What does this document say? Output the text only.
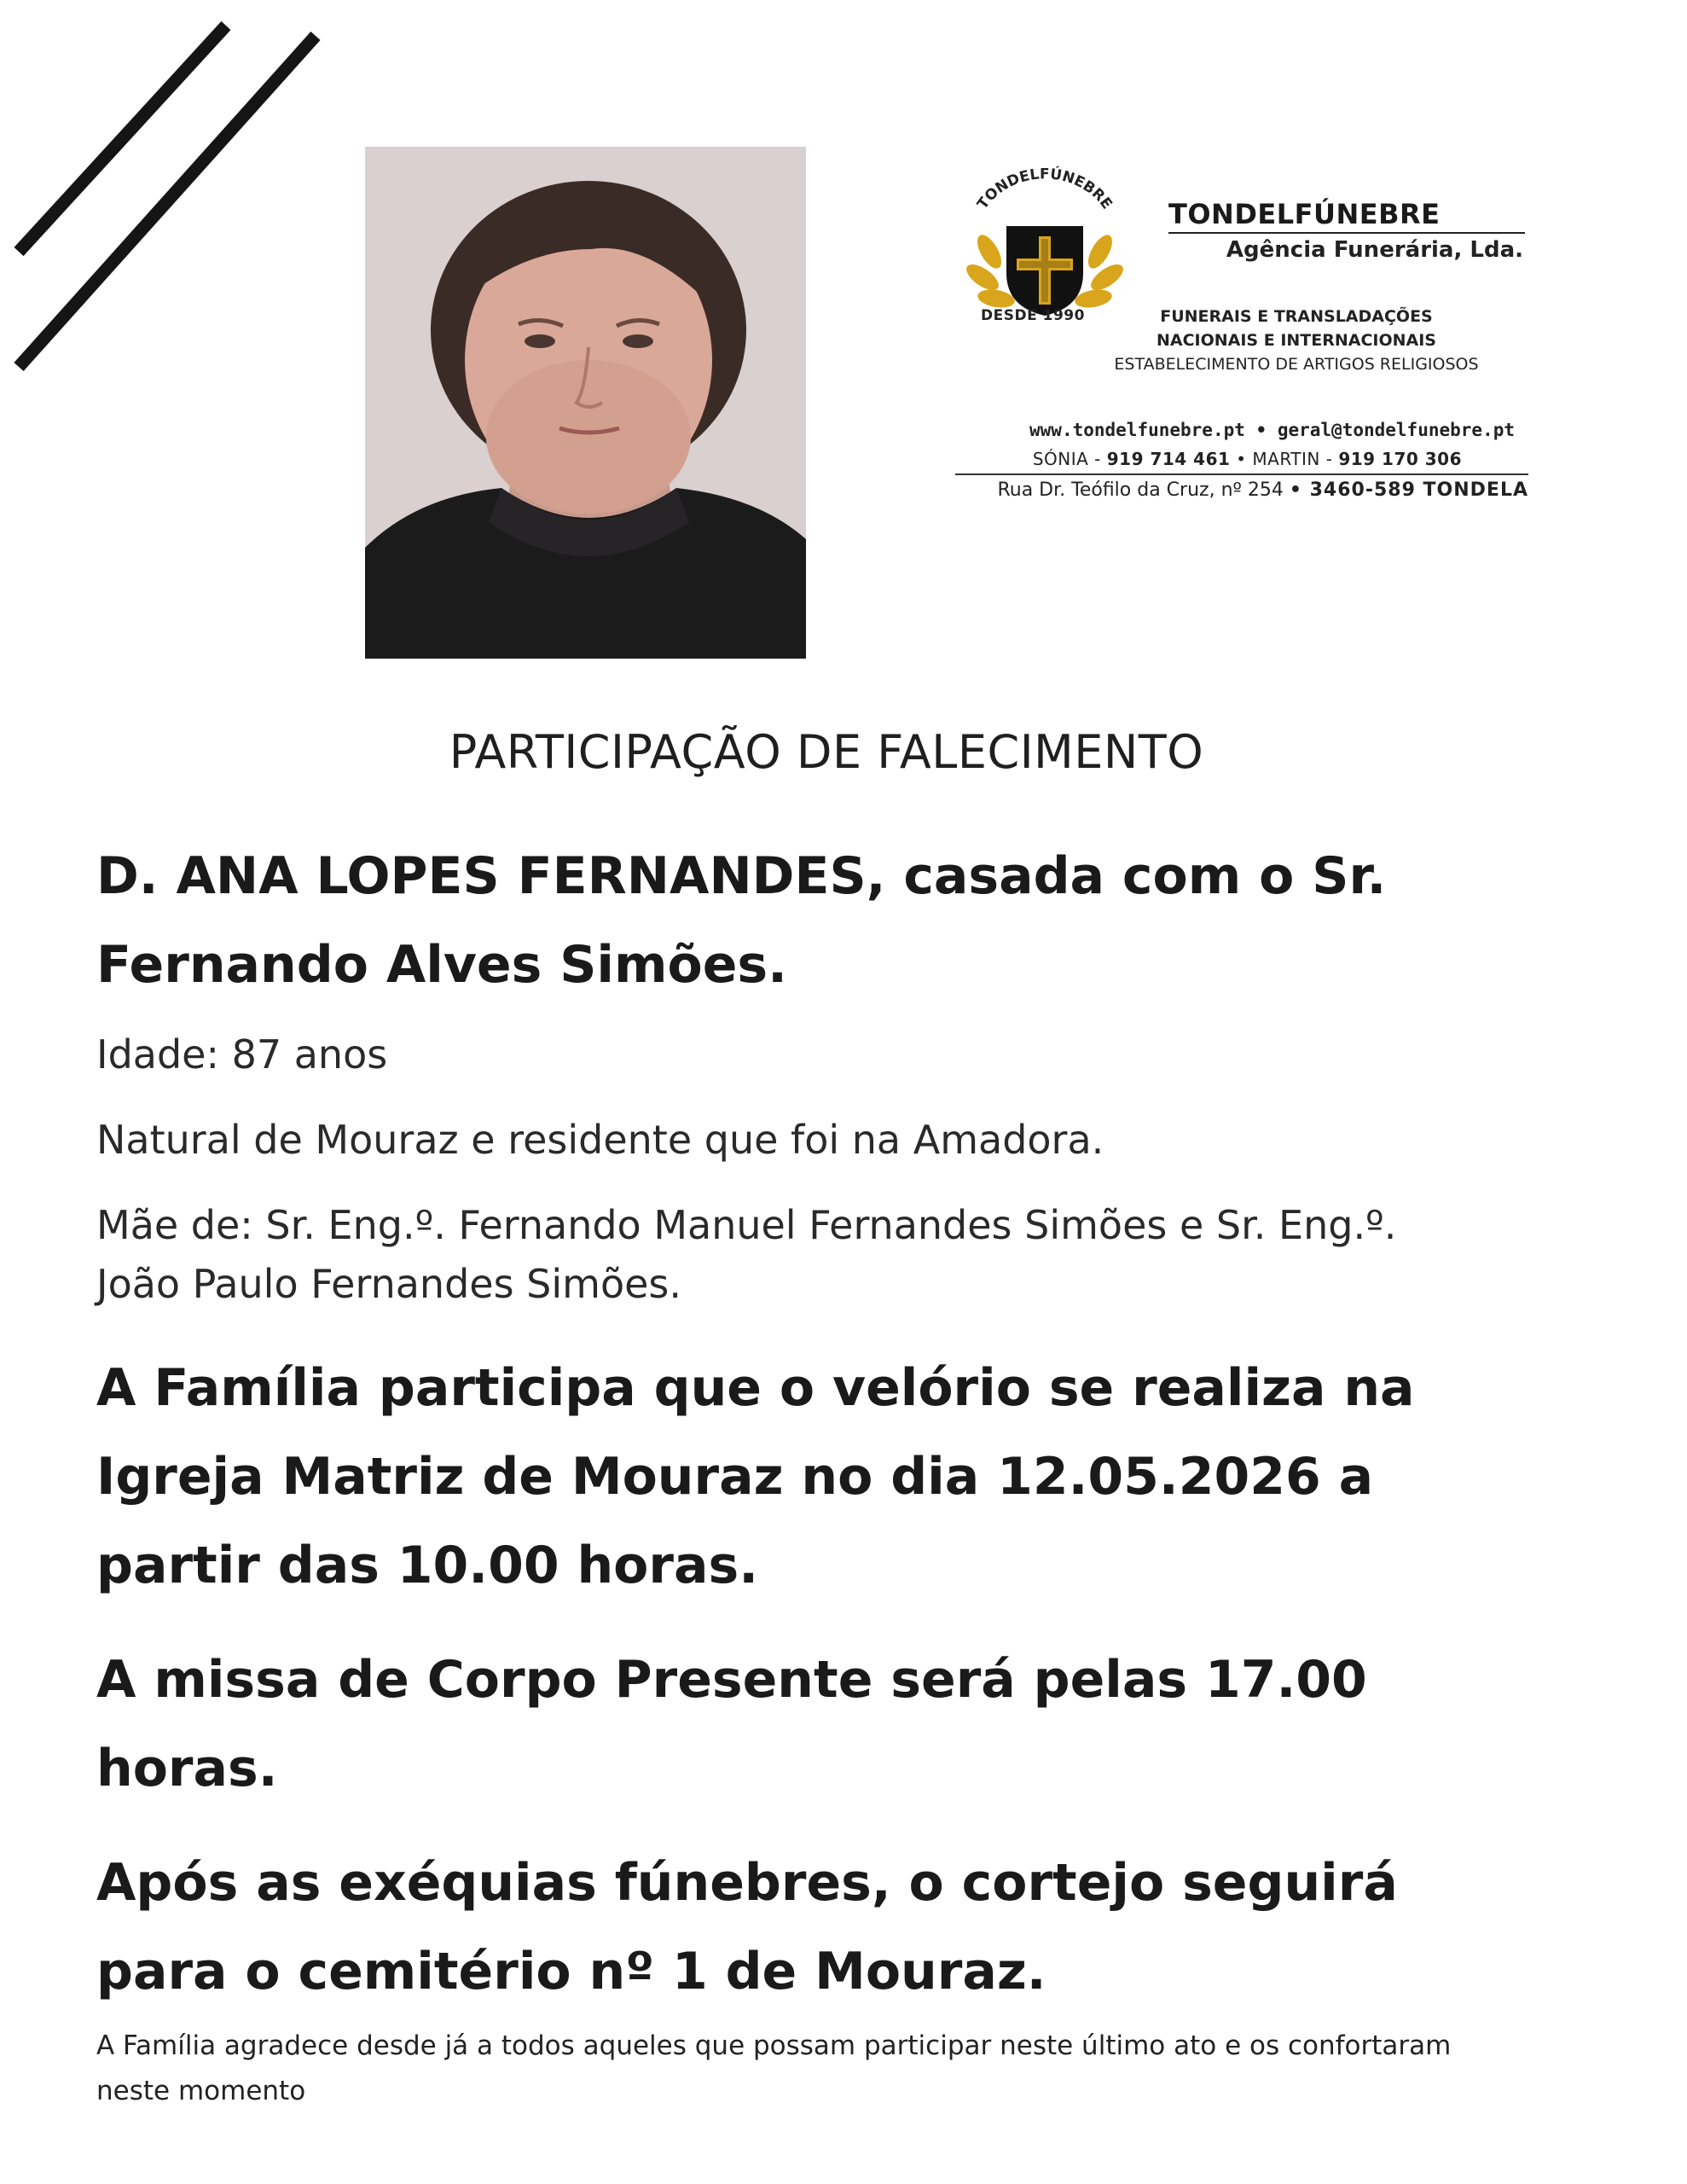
TONDELFÚNEBRE
DESDE 1990
TONDELFÚNEBRE
Agência Funerária, Lda.
FUNERAIS E TRANSLADAÇÕES
NACIONAIS E INTERNACIONAIS
ESTABELECIMENTO DE ARTIGOS RELIGIOSOS
www.tondelfunebre.pt • geral@tondelfunebre.pt
SÓNIA - 919 714 461 • MARTIN - 919 170 306
Rua Dr. Teófilo da Cruz, nº 254 • 3460-589 TONDELA
PARTICIPAÇÃO DE FALECIMENTO

D. ANA LOPES FERNANDES, casada com o Sr.

Fernando Alves Simões.

Idade: 87 anos

Natural de Mouraz e residente que foi na Amadora.

Mãe de: Sr. Eng.º. Fernando Manuel Fernandes Simões e Sr. Eng.º.

João Paulo Fernandes Simões.

A Família participa que o velório se realiza na

Igreja Matriz de Mouraz no dia 12.05.2026 a

partir das 10.00 horas.

A missa de Corpo Presente será pelas 17.00

horas.

Após as exéquias fúnebres, o cortejo seguirá

para o cemitério nº 1 de Mouraz.

A Família agradece desde já a todos aqueles que possam participar neste último ato e os confortaram
neste momento
